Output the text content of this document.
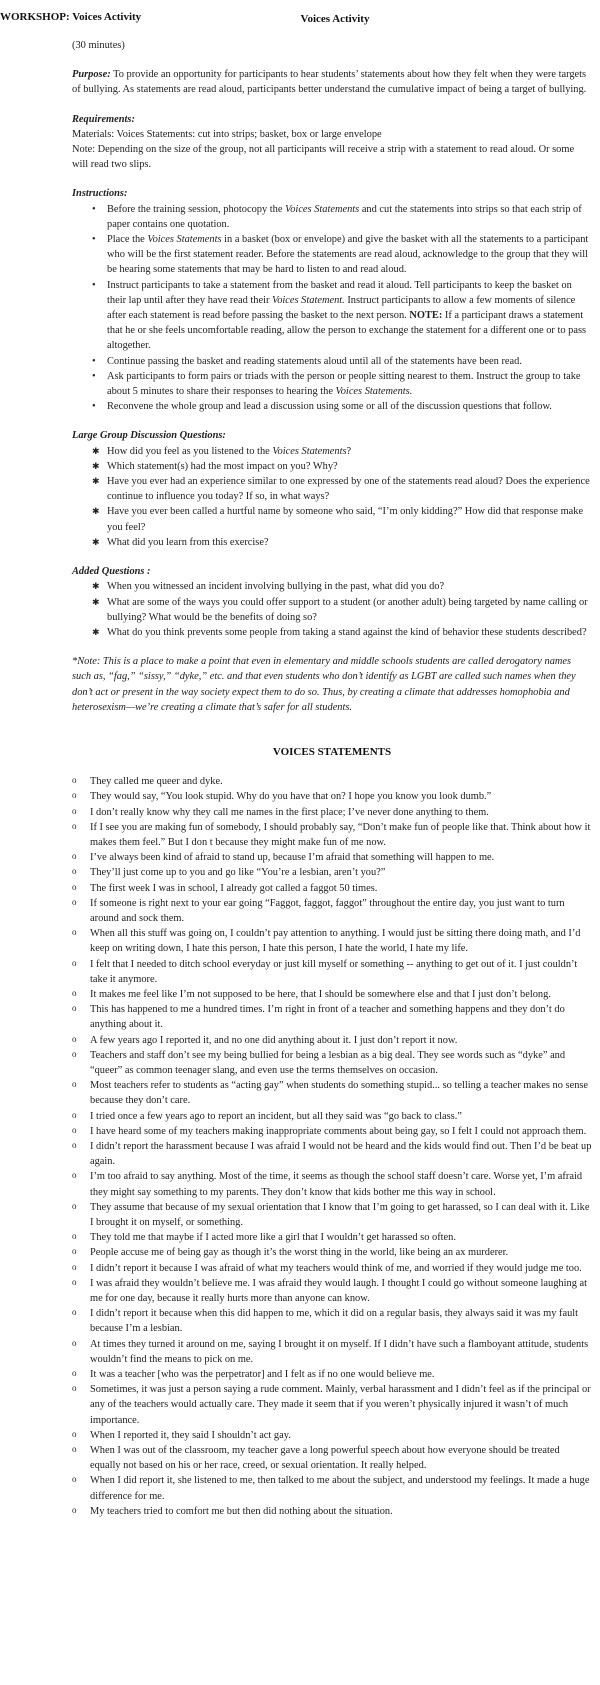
WORKSHOP: Voices Activity	Voices Activity

(30 minutes)

Purpose: To provide an opportunity for participants to hear students’ statements about how they felt when they were targets of bullying. As statements are read aloud, participants better understand the cumulative impact of being a target of bullying.

Requirements:
Materials: Voices Statements: cut into strips; basket, box or large envelope
Note: Depending on the size of the group, not all participants will receive a strip with a statement to read aloud. Or some will read two slips.
Instructions:
• Before the training session, photocopy the Voices Statements and cut the statements into strips so that each strip of paper contains one quotation.
• Place the Voices Statements in a basket (box or envelope) and give the basket with all the statements to a participant who will be the first statement reader. Before the statements are read aloud, acknowledge to the group that they will be hearing some statements that may be hard to listen to and read aloud.
• Instruct participants to take a statement from the basket and read it aloud. Tell participants to keep the basket on their lap until after they have read their Voices Statement. Instruct participants to allow a few moments of silence after each statement is read before passing the basket to the next person. NOTE: If a participant draws a statement that he or she feels uncomfortable reading, allow the person to exchange the statement for a different one or to pass altogether.
• Continue passing the basket and reading statements aloud until all of the statements have been read.
• Ask participants to form pairs or triads with the person or people sitting nearest to them. Instruct the group to take about 5 minutes to share their responses to hearing the Voices Statements.
• Reconvene the whole group and lead a discussion using some or all of the discussion questions that follow.
Large Group Discussion Questions:
✱ How did you feel as you listened to the Voices Statements?
✱ Which statement(s) had the most impact on you? Why?
✱ Have you ever had an experience similar to one expressed by one of the statements read aloud? Does the experience continue to influence you today? If so, in what ways?
✱ Have you ever been called a hurtful name by someone who said, “I’m only kidding?” How did that response make you feel?
✱ What did you learn from this exercise?
Added Questions :
✱ When you witnessed an incident involving bullying in the past, what did you do?
✱ What are some of the ways you could offer support to a student (or another adult) being targeted by name calling or bullying? What would be the benefits of doing so?
✱ What do you think prevents some people from taking a stand against the kind of behavior these students described?

*Note: This is a place to make a point that even in elementary and middle schools students are called derogatory names such as, “fag,” “sissy,” “dyke,” etc. and that even students who don’t identify as LGBT are called such names when they don’t act or present in the way society expect them to do so. Thus, by creating a climate that addresses homophobia and heterosexism—we’re creating a climate that’s safer for all students.

VOICES STATEMENTS
o They called me queer and dyke.
o They would say, “You look stupid. Why do you have that on? I hope you know you look dumb.”
o I don’t really know why they call me names in the first place; I’ve never done anything to them.
o If I see you are making fun of somebody, I should probably say, “Don’t make fun of people like that. Think about how it makes them feel.” But I don t because they might make fun of me now.
o I’ve always been kind of afraid to stand up, because I’m afraid that something will happen to me.
o They’ll just come up to you and go like “You’re a lesbian, aren’t you?”
o The first week I was in school, I already got called a faggot 50 times.
o If someone is right next to your ear going “Faggot, faggot, faggot” throughout the entire day, you just want to turn around and sock them.
o When all this stuff was going on, I couldn’t pay attention to anything. I would just be sitting there doing math, and I’d keep on writing down, I hate this person, I hate this person, I hate the world, I hate my life.
o I felt that I needed to ditch school everyday or just kill myself or something -- anything to get out of it. I just couldn’t take it anymore.
o It makes me feel like I’m not supposed to be here, that I should be somewhere else and that I just don’t belong.
o This has happened to me a hundred times. I’m right in front of a teacher and something happens and they don’t do anything about it.
o A few years ago I reported it, and no one did anything about it. I just don’t report it now.
o Teachers and staff don’t see my being bullied for being a lesbian as a big deal. They see words such as “dyke” and “queer” as common teenager slang, and even use the terms themselves on occasion.
o Most teachers refer to students as “acting gay” when students do something stupid... so telling a teacher makes no sense because they don’t care.
o I tried once a few years ago to report an incident, but all they said was “go back to class.”
o I have heard some of my teachers making inappropriate comments about being gay, so I felt I could not approach them.
o I didn’t report the harassment because I was afraid I would not be heard and the kids would find out. Then I’d be beat up again.
o I’m too afraid to say anything. Most of the time, it seems as though the school staff doesn’t care. Worse yet, I’m afraid they might say something to my parents. They don’t know that kids bother me this way in school.
o They assume that because of my sexual orientation that I know that I’m going to get harassed, so I can deal with it. Like I brought it on myself, or something.
o They told me that maybe if I acted more like a girl that I wouldn’t get harassed so often.
o People accuse me of being gay as though it’s the worst thing in the world, like being an ax murderer.
o I didn’t report it because I was afraid of what my teachers would think of me, and worried if they would judge me too.
o I was afraid they wouldn’t believe me. I was afraid they would laugh. I thought I could go without someone laughing at me for one day, because it really hurts more than anyone can know.
o I didn’t report it because when this did happen to me, which it did on a regular basis, they always said it was my fault because I’m a lesbian.
o At times they turned it around on me, saying I brought it on myself. If I didn’t have such a flamboyant attitude, students wouldn’t find the means to pick on me.
o It was a teacher [who was the perpetrator] and I felt as if no one would believe me.
o Sometimes, it was just a person saying a rude comment. Mainly, verbal harassment and I didn’t feel as if the principal or any of the teachers would actually care. They made it seem that if you weren’t physically injured it wasn’t of much importance.
o When I reported it, they said I shouldn’t act gay.
o When I was out of the classroom, my teacher gave a long powerful speech about how everyone should be treated equally not based on his or her race, creed, or sexual orientation. It really helped.
o When I did report it, she listened to me, then talked to me about the subject, and understood my feelings. It made a huge difference for me.
o My teachers tried to comfort me but then did nothing about the situation.
